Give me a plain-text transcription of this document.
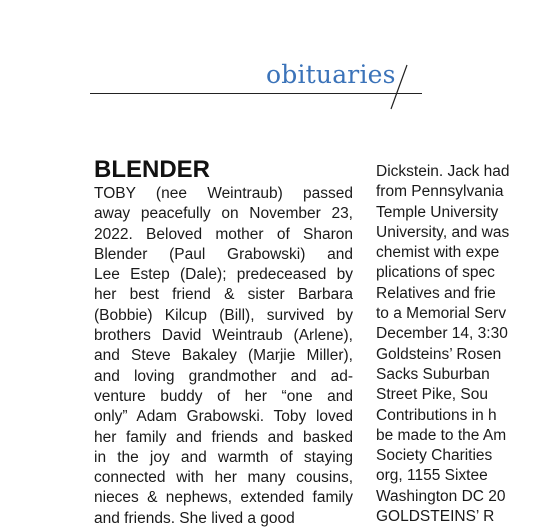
obituaries
BLENDER
TOBY (nee Weintraub) passed
away peacefully on November 23,
2022. Beloved mother of Sharon
Blender (Paul Grabowski) and
Lee Estep (Dale); predeceased by
her best friend & sister Barbara
(Bobbie) Kilcup (Bill), survived by
brothers David Weintraub (Arlene),
and Steve Bakaley (Marjie Miller),
and loving grandmother and ad-
venture buddy of her “one and
only” Adam Grabowski. Toby loved
her family and friends and basked
in the joy and warmth of staying
connected with her many cousins,
nieces & nephews, extended family
and friends. She lived a good
Dickstein. Jack had
from Pennsylvania
Temple University
University, and was
chemist with expe
plications of spec
Relatives and frie
to a Memorial Serv
December 14, 3:30
Goldsteins’ Rosen
Sacks Suburban
Street Pike, Sou
Contributions in h
be made to the Am
Society Charities
org, 1155 Sixtee
Washington DC 20
GOLDSTEINS’ R
